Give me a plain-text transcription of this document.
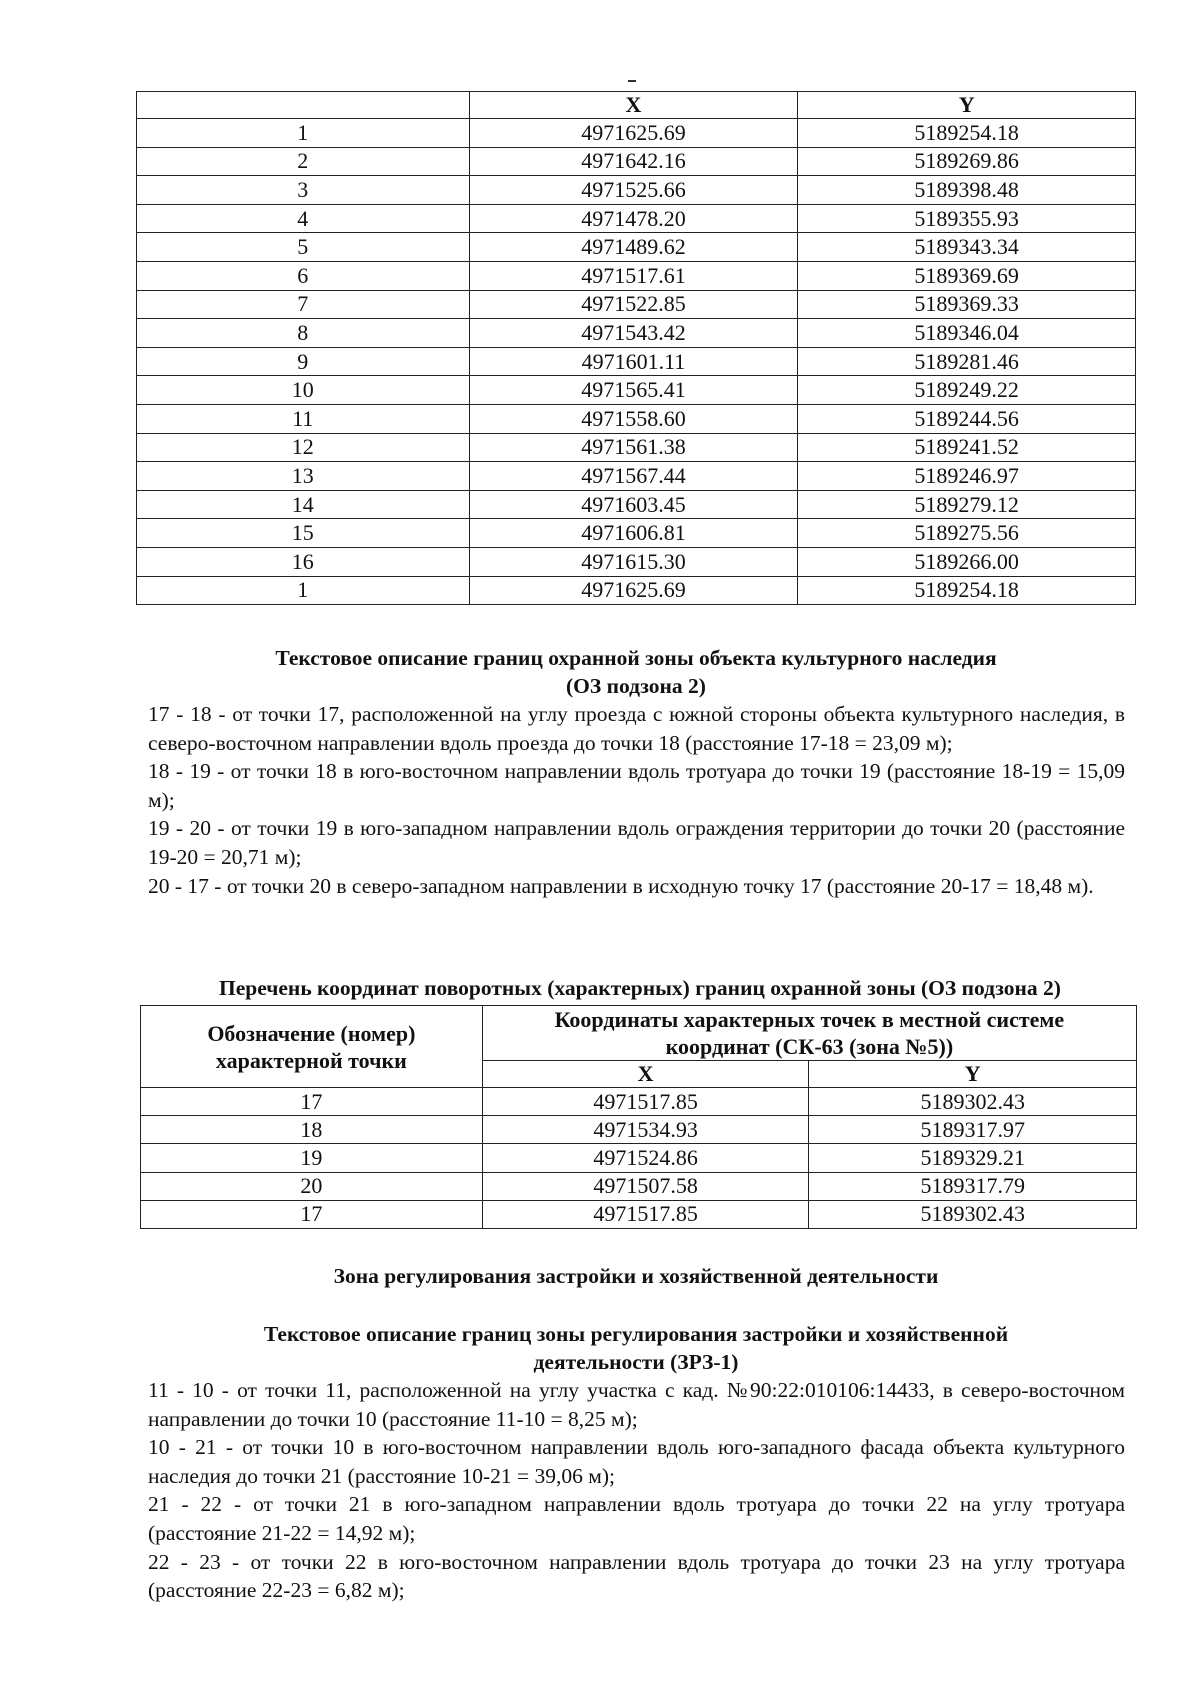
	X	Y
1	4971625.69	5189254.18
2	4971642.16	5189269.86
3	4971525.66	5189398.48
4	4971478.20	5189355.93
5	4971489.62	5189343.34
6	4971517.61	5189369.69
7	4971522.85	5189369.33
8	4971543.42	5189346.04
9	4971601.11	5189281.46
10	4971565.41	5189249.22
11	4971558.60	5189244.56
12	4971561.38	5189241.52
13	4971567.44	5189246.97
14	4971603.45	5189279.12
15	4971606.81	5189275.56
16	4971615.30	5189266.00
1	4971625.69	5189254.18
Текстовое описание границ охранной зоны объекта культурного наследия
(ОЗ подзона 2)

17 - 18 - от точки 17, расположенной на углу проезда с южной стороны объекта культурного наследия, в северо-восточном направлении вдоль проезда до точки 18 (расстояние 17-18 = 23,09 м);

18 - 19 - от точки 18 в юго-восточном направлении вдоль тротуара до точки 19 (расстояние 18-19 = 15,09 м);

19 - 20 - от точки 19 в юго-западном направлении вдоль ограждения территории до точки 20 (расстояние 19-20 = 20,71 м);

20 - 17 - от точки 20 в северо-западном направлении в исходную точку 17 (расстояние 20-17 = 18,48 м).

Перечень координат поворотных (характерных) границ охранной зоны (ОЗ подзона 2)
Обозначение (номер) характерной точки	Координаты характерных точек в местной системе координат (СК-63 (зона №5))	
	X	Y
17	4971517.85	5189302.43
18	4971534.93	5189317.97
19	4971524.86	5189329.21
20	4971507.58	5189317.79
17	4971517.85	5189302.43
Зона регулирования застройки и хозяйственной деятельности
Текстовое описание границ зоны регулирования застройки и хозяйственной
деятельности (ЗРЗ-1)

11 - 10 - от точки 11, расположенной на углу участка с кад. №90:22:010106:14433, в северо-восточном направлении до точки 10 (расстояние 11-10 = 8,25 м);

10 - 21 - от точки 10 в юго-восточном направлении вдоль юго-западного фасада объекта культурного наследия до точки 21 (расстояние 10-21 = 39,06 м);

21 - 22 - от точки 21 в юго-западном направлении вдоль тротуара до точки 22 на углу тротуара (расстояние 21-22 = 14,92 м);

22 - 23 - от точки 22 в юго-восточном направлении вдоль тротуара до точки 23 на углу тротуара (расстояние 22-23 = 6,82 м);
